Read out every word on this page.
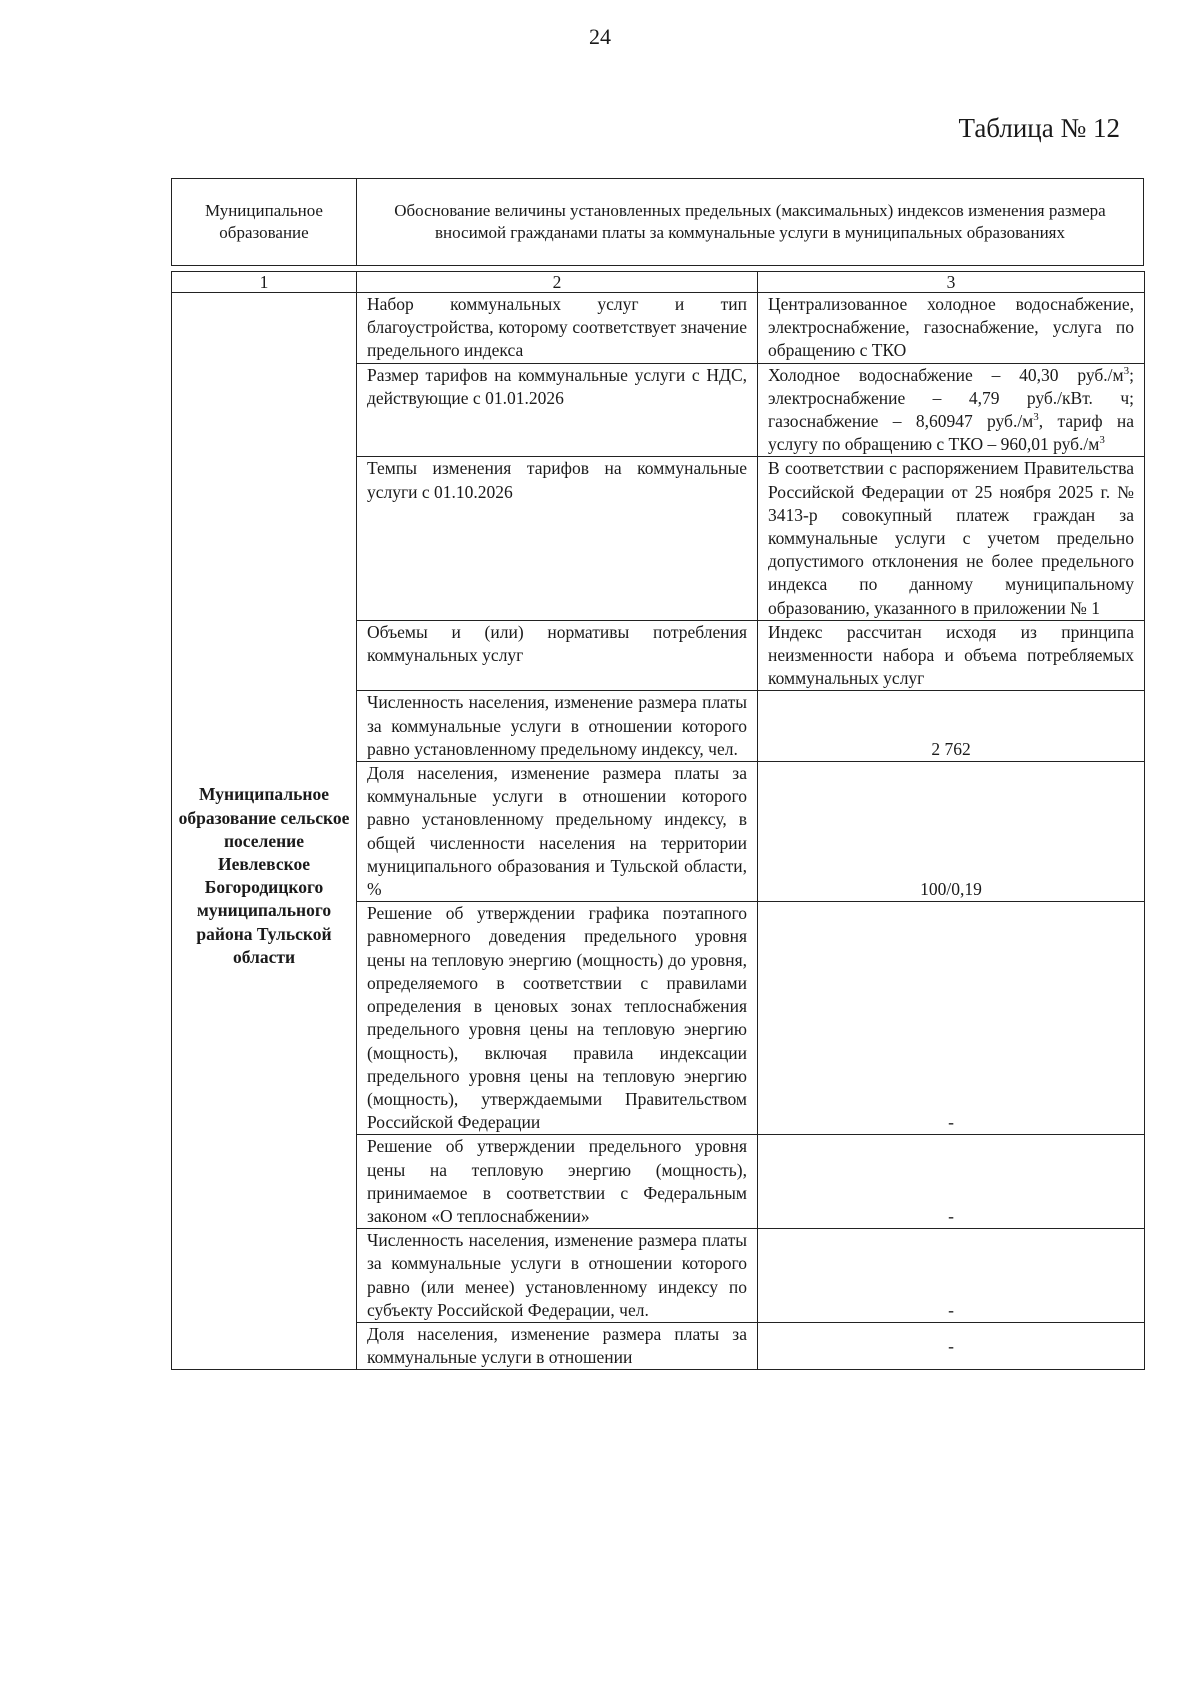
24
Таблица № 12
Муниципальное образование	Обоснование величины установленных предельных (максимальных) индексов изменения размера вносимой гражданами платы за коммунальные услуги в муниципальных образованиях
1	2	3

Муниципальное образование сельское поселение Иевлевское Богородицкого муниципального района Тульской области	Набор коммунальных услуг и тип благоустройства, которому соответствует значение предельного индекса	Централизованное холодное водоснабжение, электроснабжение, газоснабжение, услуга по обращению с ТКО
	Размер тарифов на коммунальные услуги с НДС, действующие с 01.01.2026	Холодное водоснабжение – 40,30 $руб./м^3$; электроснабжение – 4,79 руб./кВт. ч; газоснабжение – 8,60947 $руб./м^3$, тариф на услугу по обращению с ТКО – 960,01 $руб./м^3$
	Темпы изменения тарифов на коммунальные услуги с 01.10.2026	В соответствии с распоряжением Правительства Российской Федерации от 25 ноября 2025 г. № 3413-р совокупный платеж граждан за коммунальные услуги с учетом предельно допустимого отклонения не более предельного индекса по данному муниципальному образованию, указанного в приложении № 1
	Объемы и (или) нормативы потребления коммунальных услуг	Индекс рассчитан исходя из принципа неизменности набора и объема потребляемых коммунальных услуг
	Численность населения, изменение размера платы за коммунальные услуги в отношении которого равно установленному предельному индексу, чел.	2 762
	Доля населения, изменение размера платы за коммунальные услуги в отношении которого равно установленному предельному индексу, в общей численности населения на территории муниципального образования и Тульской области, %	100/0,19
	Решение об утверждении графика поэтапного равномерного доведения предельного уровня цены на тепловую энергию (мощность) до уровня, определяемого в соответствии с правилами определения в ценовых зонах теплоснабжения предельного уровня цены на тепловую энергию (мощность), включая правила индексации предельного уровня цены на тепловую энергию (мощность), утверждаемыми Правительством Российской Федерации	-
	Решение об утверждении предельного уровня цены на тепловую энергию (мощность), принимаемое в соответствии с Федеральным законом «О теплоснабжении»	-
	Численность населения, изменение размера платы за коммунальные услуги в отношении которого равно (или менее) установленному индексу по субъекту Российской Федерации, чел.	-
	Доля населения, изменение размера платы за коммунальные услуги в отношении	-
